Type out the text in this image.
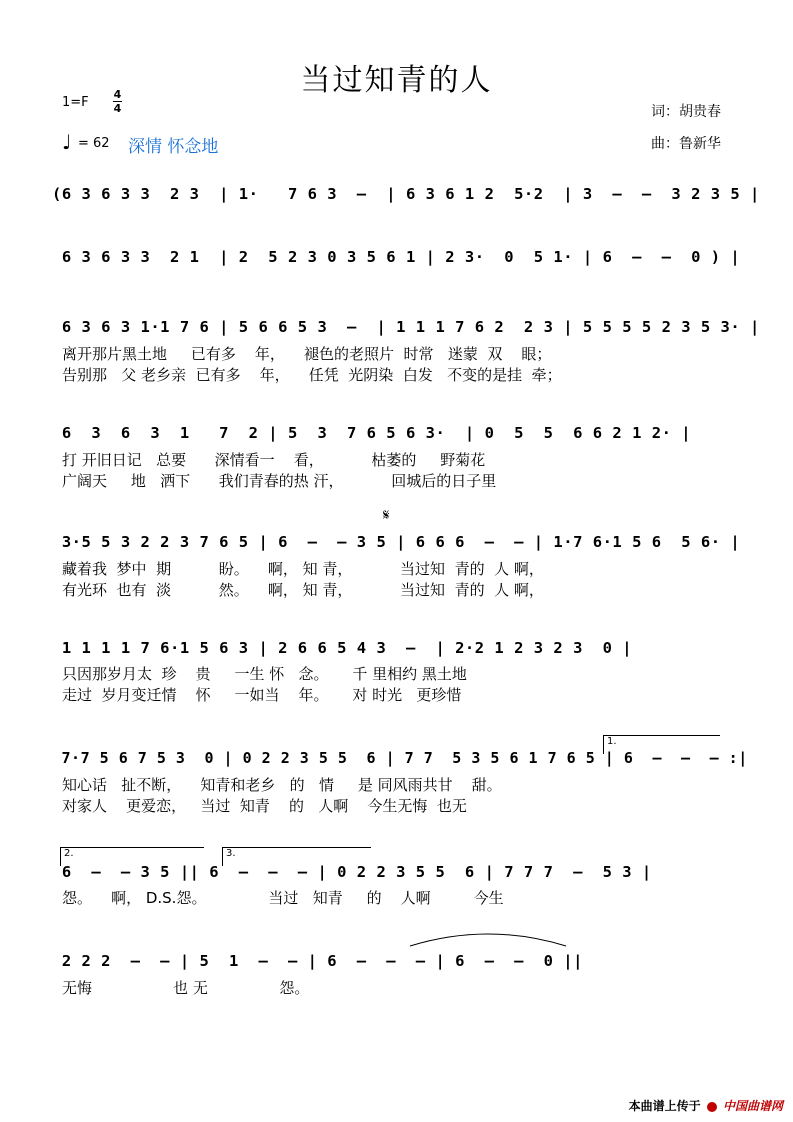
当过知青的人
1=F
4
4
♩ = 62 深情 怀念地
词：胡贵春
曲：鲁新华
(6 3 6 3 3  2 3  | 1·   7 6 3  –  | 6 3 6 1 2  5·2  | 3  –  –  3 2 3 5 |
6 3 6 3 3  2 1  | 2  5 2 3 0 3 5 6 1 | 2 3·  0  5 1· | 6  –  –  0 ) |
6 3 6 3 1·1 7 6 | 5 6 6 5 3  –  | 1 1 1 7 6 2  2 3 | 5 5 5 5 2 3 5 3· |
离开那片黑土地     已有多    年，    褪色的老照片  时常   迷蒙  双    眼；
告别那   父 老乡亲  已有多    年，    任凭  光阴染  白发   不变的是挂  牵；
6  3  6  3  1   7  2 | 5  3  7 6 5 6 3·  | 0  5  5  6 6 2 1 2· |
打 开旧日记   总要      深情看一    看，          枯萎的     野菊花
广阔天     地   洒下      我们青春的热 汗，          回城后的日子里
𝄋
3·5 5 3 2 2 3 7 6 5 | 6  –  – 3 5 | 6 6 6  –  – | 1·7 6·1 5 6  5 6· |
藏着我  梦中  期          盼。    啊， 知 青，          当过知  青的  人 啊，
有光环  也有  淡          然。    啊， 知 青，          当过知  青的  人 啊，
1 1 1 1 7 6·1 5 6 3 | 2 6 6 5 4 3  –  | 2·2 1 2 3 2 3  0 |
只因那岁月太  珍    贵     一生 怀   念。     千 里相约 黑土地
走过  岁月变迁情    怀     一如当    年。     对 时光   更珍惜
1.
7·7 5 6 7 5 3  0 | 0 2 2 3 5 5  6 | 7 7  5 3 5 6 1 7 6 5 | 6  –  –  – :|
知心话   扯不断，    知青和老乡   的   情     是 同风雨共甘    甜。
对家人    更爱恋，   当过  知青    的   人啊    今生无悔  也无
2.	3.
6  –  – 3 5 || 6  –  –  – | 0 2 2 3 5 5  6 | 7 7 7  –  5 3 |
怨。    啊， D.S.怨。             当过   知青     的    人啊         今生
2 2 2  –  – | 5  1  –  – | 6  –  –  – | 6  –  –  0 ||
无悔                 也 无               怨。
本曲谱上传于 中国曲谱网
